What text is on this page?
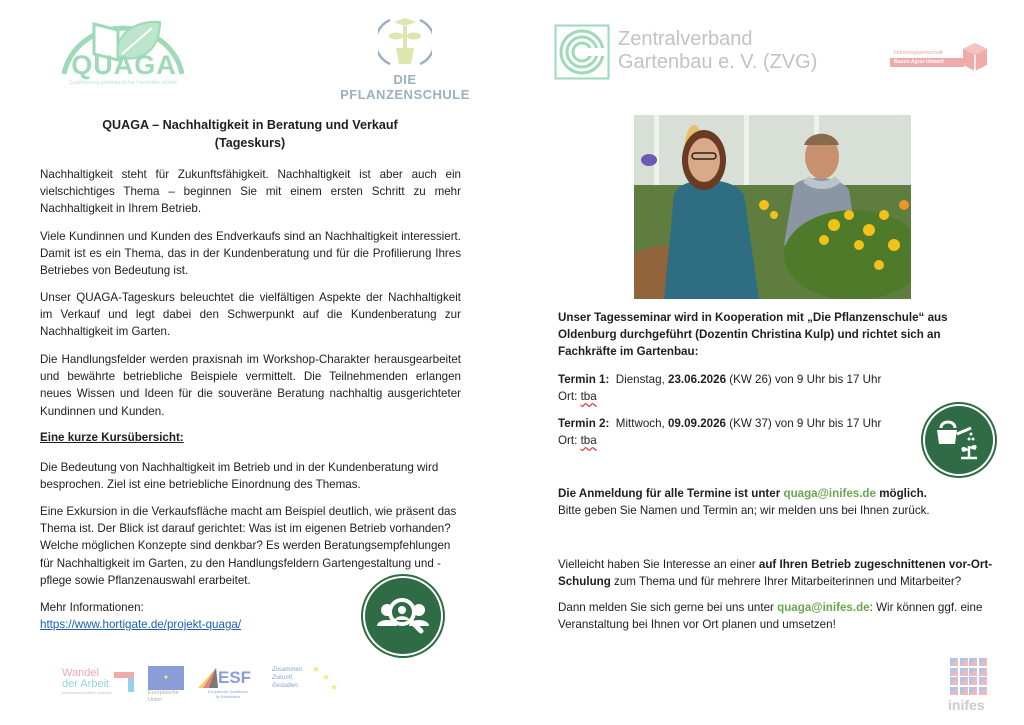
QUAGA
Qualifizierung gartenbaulicher Fachkräfte sichern	DIE PFLANZENSCHULE
Zentralverband
Gartenbau e. V. (ZVG)	Industriegewerkschaft
Bauen-Agrar-Umwelt
QUAGA – Nachhaltigkeit in Beratung und Verkauf
(Tageskurs)

Nachhaltigkeit steht für Zukunftsfähigkeit. Nachhaltigkeit ist aber auch ein vielschichtiges Thema – beginnen Sie mit einem ersten Schritt zu mehr Nachhaltigkeit in Ihrem Betrieb.

Viele Kundinnen und Kunden des Endverkaufs sind an Nachhaltigkeit interessiert. Damit ist es ein Thema, das in der Kundenberatung und für die Profilierung Ihres Betriebes von Bedeutung ist.

Unser QUAGA-Tageskurs beleuchtet die vielfältigen Aspekte der Nachhaltigkeit im Verkauf und legt dabei den Schwerpunkt auf die Kundenberatung zur Nachhaltigkeit im Garten.

Die Handlungsfelder werden praxisnah im Workshop-Charakter herausgearbeitet und bewährte betriebliche Beispiele vermittelt. Die Teilnehmenden erlangen neues Wissen und Ideen für die souveräne Beratung nachhaltig ausgerichteter Kundinnen und Kunden.

Eine kurze Kursübersicht:

Die Bedeutung von Nachhaltigkeit im Betrieb und in der Kundenberatung wird besprochen. Ziel ist eine betriebliche Einordnung des Themas.

Eine Exkursion in die Verkaufsfläche macht am Beispiel deutlich, wie präsent das Thema ist. Der Blick ist darauf gerichtet: Was ist im eigenen Betrieb vorhanden? Welche möglichen Konzepte sind denkbar? Es werden Beratungsempfehlungen für Nachhaltigkeit im Garten, zu den Handlungsfeldern Gartengestaltung und -pflege sowie Pflanzenauswahl erarbeitet.

Mehr Informationen:
https://www.hortigate.de/projekt-quaga/
Wandel
der Arbeit
sozialpartnerschaftlich gestalten
✦
Europäische
Union
ESF
Europäischer Sozialfonds
für Deutschland
Zusammen.
Zukunft.
Gestalten.
★
★
★

Unser Tagesseminar wird in Kooperation mit „Die Pflanzenschule“ aus Oldenburg durchgeführt (Dozentin Christina Kulp) und richtet sich an Fachkräfte im Gartenbau:

Termin 1: Dienstag, 23.06.2026 (KW 26) von 9 Uhr bis 17 Uhr
Ort: tba
Termin 2: Mittwoch, 09.09.2026 (KW 37) von 9 Uhr bis 17 Uhr
Ort: tba
Die Anmeldung für alle Termine ist unter quaga@inifes.de möglich.
Bitte geben Sie Namen und Termin an; wir melden uns bei Ihnen zurück.

Vielleicht haben Sie Interesse an einer auf Ihren Betrieb zugeschnittenen vor-Ort-Schulung zum Thema und für mehrere Ihrer Mitarbeiterinnen und Mitarbeiter?

Dann melden Sie sich gerne bei uns unter quaga@inifes.de: Wir können ggf. eine Veranstaltung bei Ihnen vor Ort planen und umsetzen!

inifes
